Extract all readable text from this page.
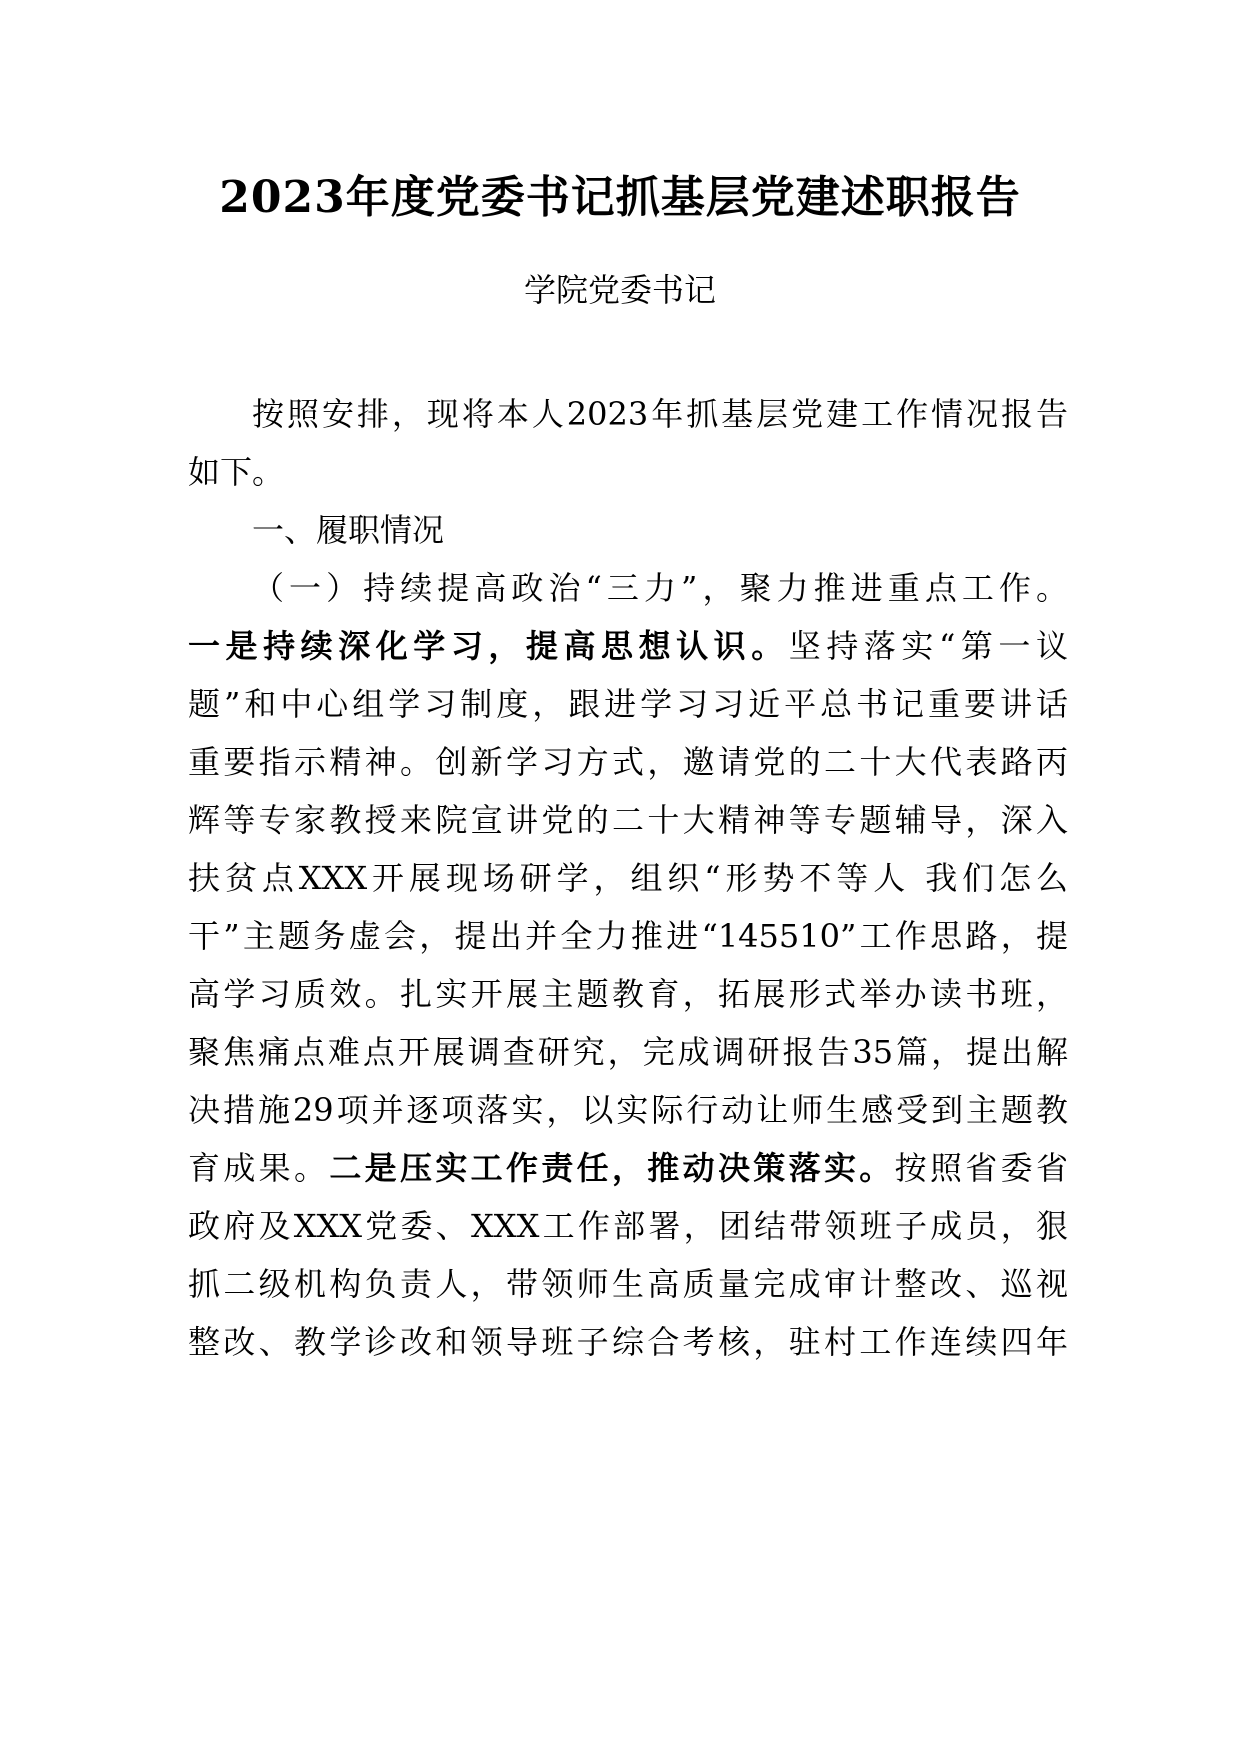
2023年度党委书记抓基层党建述职报告
学院党委书记
按照安排，现将本人2023年抓基层党建工作情况报告
如下。
一、履职情况
（一）持续提高政治“三力”，聚力推进重点工作。
一是持续深化学习，提高思想认识。坚持落实“第一议
题”和中心组学习制度，跟进学习习近平总书记重要讲话
重要指示精神。创新学习方式，邀请党的二十大代表路丙
辉等专家教授来院宣讲党的二十大精神等专题辅导，深入
扶贫点XXX开展现场研学，组织“形势不等人 我们怎么
干”主题务虚会，提出并全力推进“145510”工作思路，提
高学习质效。扎实开展主题教育，拓展形式举办读书班，
聚焦痛点难点开展调查研究，完成调研报告35篇，提出解
决措施29项并逐项落实，以实际行动让师生感受到主题教
育成果。二是压实工作责任，推动决策落实。按照省委省
政府及XXX党委、XXX工作部署，团结带领班子成员，狠
抓二级机构负责人，带领师生高质量完成审计整改、巡视
整改、教学诊改和领导班子综合考核，驻村工作连续四年
